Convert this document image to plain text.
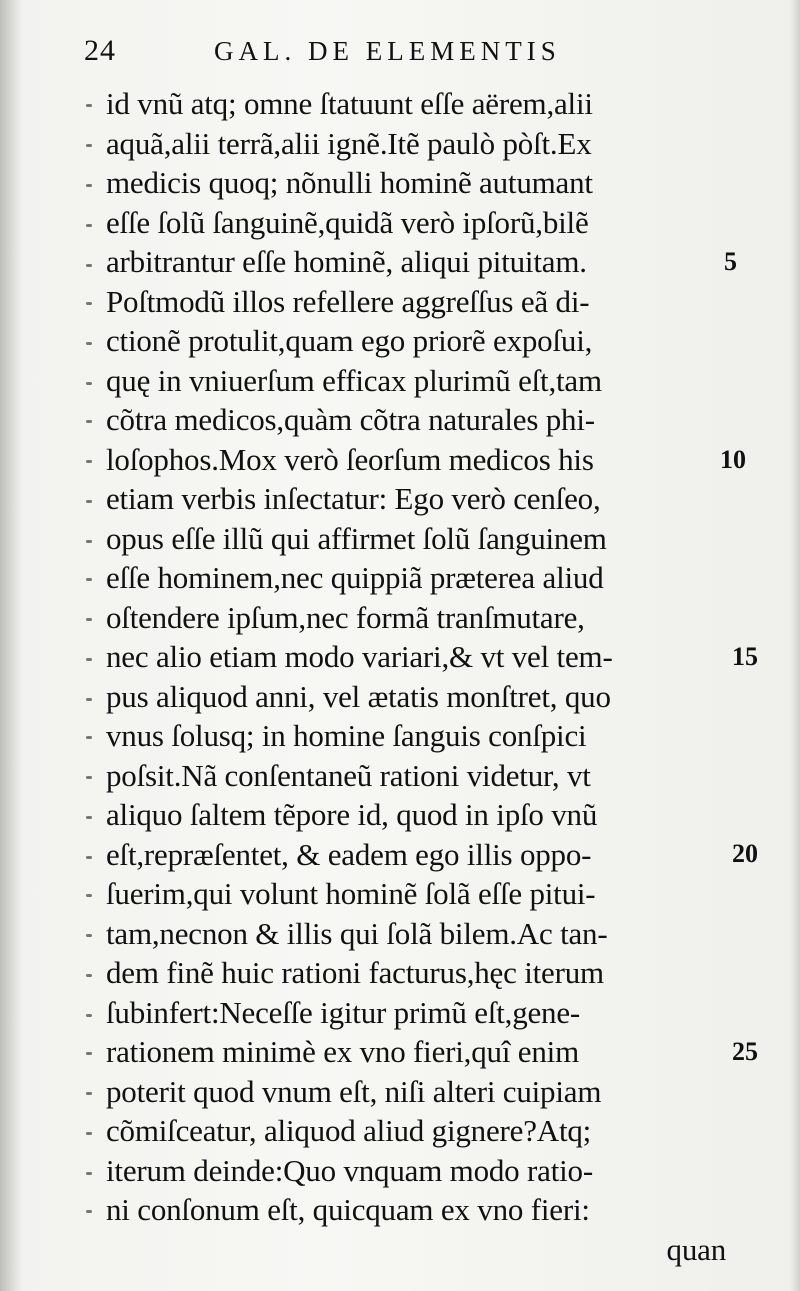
24	GAL. DE ELEMENTIS
id vnũ atq; omne ſtatuunt eſſe aërem,alii
aquã,alii terrã,alii ignẽ.Itẽ paulò pòſt.Ex
medicis quoq; nõnulli hominẽ autumant
eſſe ſolũ ſanguinẽ,quidã verò ipſorũ,bilẽ
arbitrantur eſſe hominẽ, aliqui pituitam.
Poſtmodũ illos refellere aggreſſus eã di-
ctionẽ protulit,quam ego priorẽ expoſui,
quę in vniuerſum efficax plurimũ eſt,tam
cõtra medicos,quàm cõtra naturales phi-
loſophos.Mox verò ſeorſum medicos his
etiam verbis inſectatur: Ego verò cenſeo,
opus eſſe illũ qui affirmet ſolũ ſanguinem
eſſe hominem,nec quippiã præterea aliud
oſtendere ipſum,nec formã tranſmutare,
nec alio etiam modo variari,& vt vel tem-
pus aliquod anni, vel ætatis monſtret, quo
vnus ſolusq; in homine ſanguis conſpici
poſsit.Nã conſentaneũ rationi videtur, vt
aliquo ſaltem tẽpore id, quod in ipſo vnũ
eſt,repræſentet, & eadem ego illis oppo-
ſuerim,qui volunt hominẽ ſolã eſſe pitui-
tam,necnon & illis qui ſolã bilem.Ac tan-
dem finẽ huic rationi facturus,hęc iterum
ſubinfert:Neceſſe igitur primũ eſt,gene-
rationem minimè ex vno fieri,quî enim
poterit quod vnum eſt, niſi alteri cuipiam
cõmiſceatur, aliquod aliud gignere?Atq;
iterum deinde:Quo vnquam modo ratio-
ni conſonum eſt, quicquam ex vno fieri:
quan
5
10
15
20
25
